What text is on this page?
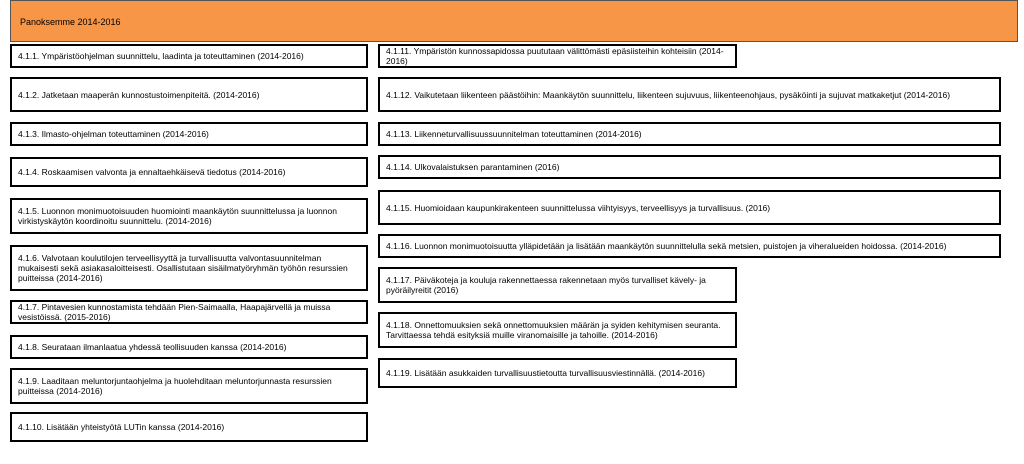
Panoksemme 2014-2016
4.1.1. Ympäristöohjelman suunnittelu, laadinta ja toteuttaminen (2014-2016)
4.1.2. Jatketaan maaperän kunnostustoimenpiteitä. (2014-2016)
4.1.3. Ilmasto-ohjelman toteuttaminen (2014-2016)
4.1.4. Roskaamisen valvonta ja ennaltaehkäisevä tiedotus (2014-2016)
4.1.5. Luonnon monimuotoisuuden huomiointi maankäytön suunnittelussa ja luonnon virkistyskäytön koordinoitu suunnittelu. (2014-2016)
4.1.6. Valvotaan koulutilojen terveellisyyttä ja turvallisuutta valvontasuunnitelman mukaisesti sekä asiakasaloitteisesti. Osallistutaan sisäilmatyöryhmän työhön resurssien puitteissa (2014-2016)
4.1.7. Pintavesien kunnostamista tehdään Pien-Saimaalla, Haapajärvellä ja muissa vesistöissä. (2015-2016)
4.1.8. Seurataan ilmanlaatua yhdessä teollisuuden kanssa (2014-2016)
4.1.9. Laaditaan meluntorjuntaohjelma ja huolehditaan meluntorjunnasta resurssien puitteissa (2014-2016)
4.1.10. Lisätään yhteistyötä LUTin kanssa (2014-2016)
4.1.11. Ympäristön kunnossapidossa puututaan välittömästi epäsiisteihin kohteisiin (2014-2016)
4.1.12. Vaikutetaan liikenteen päästöihin: Maankäytön suunnittelu, liikenteen sujuvuus, liikenteenohjaus, pysäköinti ja sujuvat matkaketjut (2014-2016)
4.1.13. Liikenneturvallisuussuunnitelman toteuttaminen (2014-2016)
4.1.14. Ulkovalaistuksen parantaminen (2016)
4.1.15. Huomioidaan kaupunkirakenteen suunnittelussa viihtyisyys, terveellisyys ja turvallisuus. (2016)
4.1.16. Luonnon monimuotoisuutta ylläpidetään ja lisätään maankäytön suunnittelulla sekä metsien, puistojen ja viheralueiden hoidossa. (2014-2016)
4.1.17. Päiväkoteja ja kouluja rakennettaessa rakennetaan myös turvalliset kävely- ja pyöräilyreitit (2016)
4.1.18. Onnettomuuksien sekä onnettomuuksien määrän ja syiden kehitymisen seuranta. Tarvittaessa tehdä esityksiä muille viranomaisille ja tahoille. (2014-2016)
4.1.19. Lisätään asukkaiden turvallisuustietoutta turvallisuusviestinnällä. (2014-2016)
